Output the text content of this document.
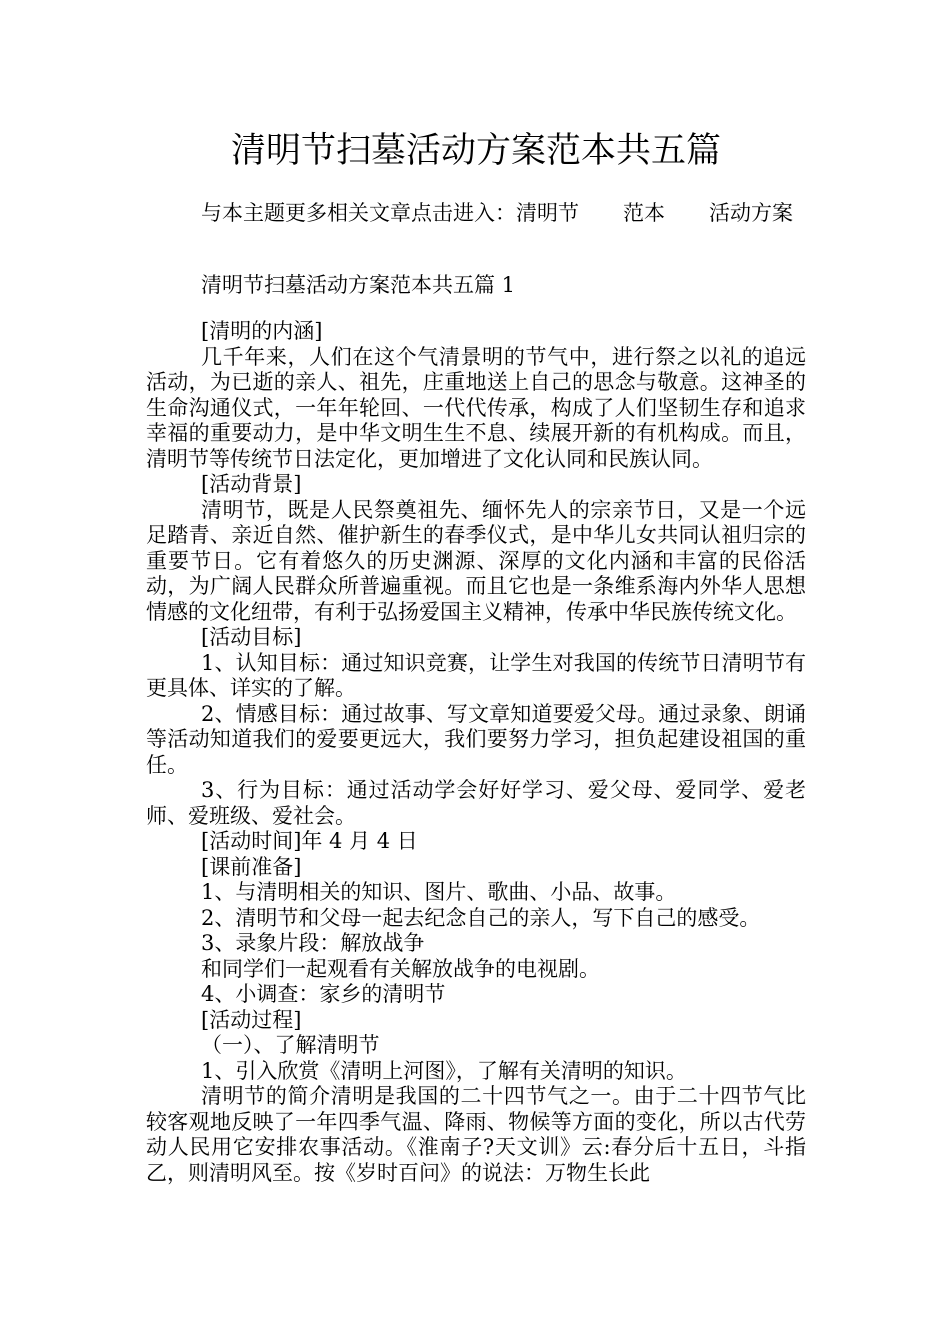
清明节扫墓活动方案范本共五篇

与本主题更多相关文章点击进入：清明节 范本 活动方案

清明节扫墓活动方案范本共五篇 1

[清明的内涵]

几千年来，人们在这个气清景明的节气中，进行祭之以礼的追远活动，为已逝的亲人、祖先，庄重地送上自己的思念与敬意。这神圣的生命沟通仪式，一年年轮回、一代代传承，构成了人们坚韧生存和追求幸福的重要动力，是中华文明生生不息、续展开新的有机构成。而且，清明节等传统节日法定化，更加增进了文化认同和民族认同。

[活动背景]

清明节，既是人民祭奠祖先、缅怀先人的宗亲节日，又是一个远足踏青、亲近自然、催护新生的春季仪式，是中华儿女共同认祖归宗的重要节日。它有着悠久的历史渊源、深厚的文化内涵和丰富的民俗活动，为广阔人民群众所普遍重视。而且它也是一条维系海内外华人思想情感的文化纽带，有利于弘扬爱国主义精神，传承中华民族传统文化。

[活动目标]

1、认知目标：通过知识竞赛，让学生对我国的传统节日清明节有更具体、详实的了解。

2、情感目标：通过故事、写文章知道要爱父母。通过录象、朗诵等活动知道我们的爱要更远大，我们要努力学习，担负起建设祖国的重任。

3、行为目标：通过活动学会好好学习、爱父母、爱同学、爱老师、爱班级、爱社会。

[活动时间]年 4 月 4 日

[课前准备]

1、与清明相关的知识、图片、歌曲、小品、故事。

2、清明节和父母一起去纪念自己的亲人，写下自己的感受。

3、录象片段：解放战争

和同学们一起观看有关解放战争的电视剧。

4、小调查：家乡的清明节

[活动过程]

（一）、了解清明节

1、引入欣赏《清明上河图》，了解有关清明的知识。

清明节的简介清明是我国的二十四节气之一。由于二十四节气比较客观地反映了一年四季气温、降雨、物候等方面的变化，所以古代劳动人民用它安排农事活动。《淮南子?天文训》云:春分后十五日，斗指乙，则清明风至。按《岁时百问》的说法：万物生长此
